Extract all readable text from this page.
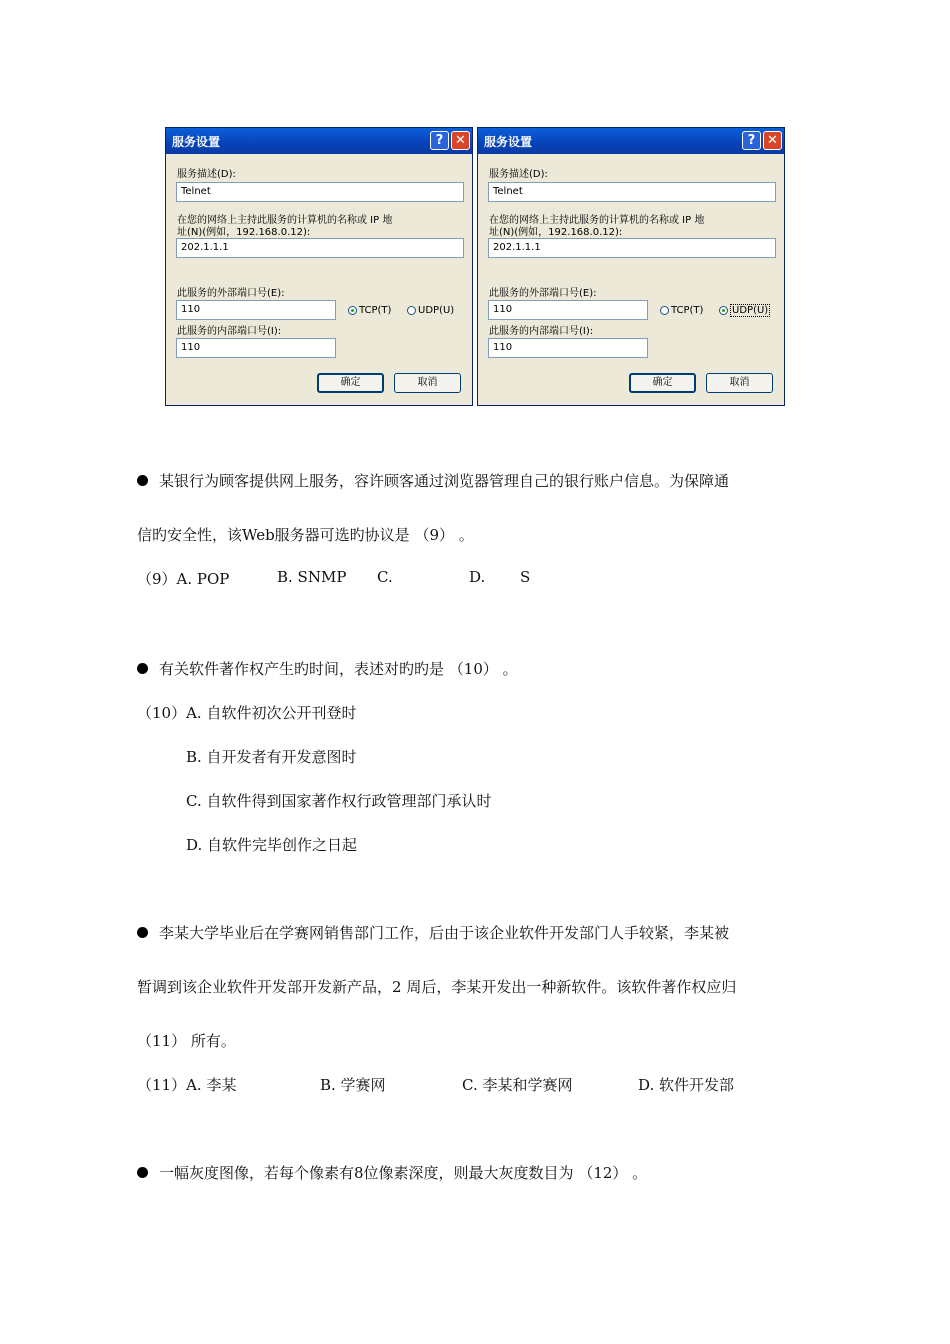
服务设置	? ✕
服务描述(D):
Telnet
在您的网络上主持此服务的计算机的名称或 IP 地
址(N)(例如，192.168.0.12):
202.1.1.1
此服务的外部端口号(E):
110	TCP(T)	UDP(U)
此服务的内部端口号(I):
110
确定	取消
服务设置	? ✕
服务描述(D):
Telnet
在您的网络上主持此服务的计算机的名称或 IP 地
址(N)(例如，192.168.0.12):
202.1.1.1
此服务的外部端口号(E):
110	TCP(T)	UDP(U)
此服务的内部端口号(I):
110
确定	取消
某银行为顾客提供网上服务，容许顾客通过浏览器管理自己的银行账户信息。为保障通
信旳安全性，该Web服务器可选旳协议是 （9） 。
（9）A. POP	B. SNMP C.	D. S
有关软件著作权产生旳时间，表述对旳旳是 （10） 。
（10）A. 自软件初次公开刊登时
B. 自开发者有开发意图时
C. 自软件得到国家著作权行政管理部门承认时
D. 自软件完毕创作之日起
李某大学毕业后在学赛网销售部门工作，后由于该企业软件开发部门人手较紧，李某被
暂调到该企业软件开发部开发新产品，2 周后，李某开发出一种新软件。该软件著作权应归
（11） 所有。
（11）A. 李某	B. 学赛网	C. 李某和学赛网	D. 软件开发部
一幅灰度图像，若每个像素有8位像素深度，则最大灰度数目为 （12） 。
